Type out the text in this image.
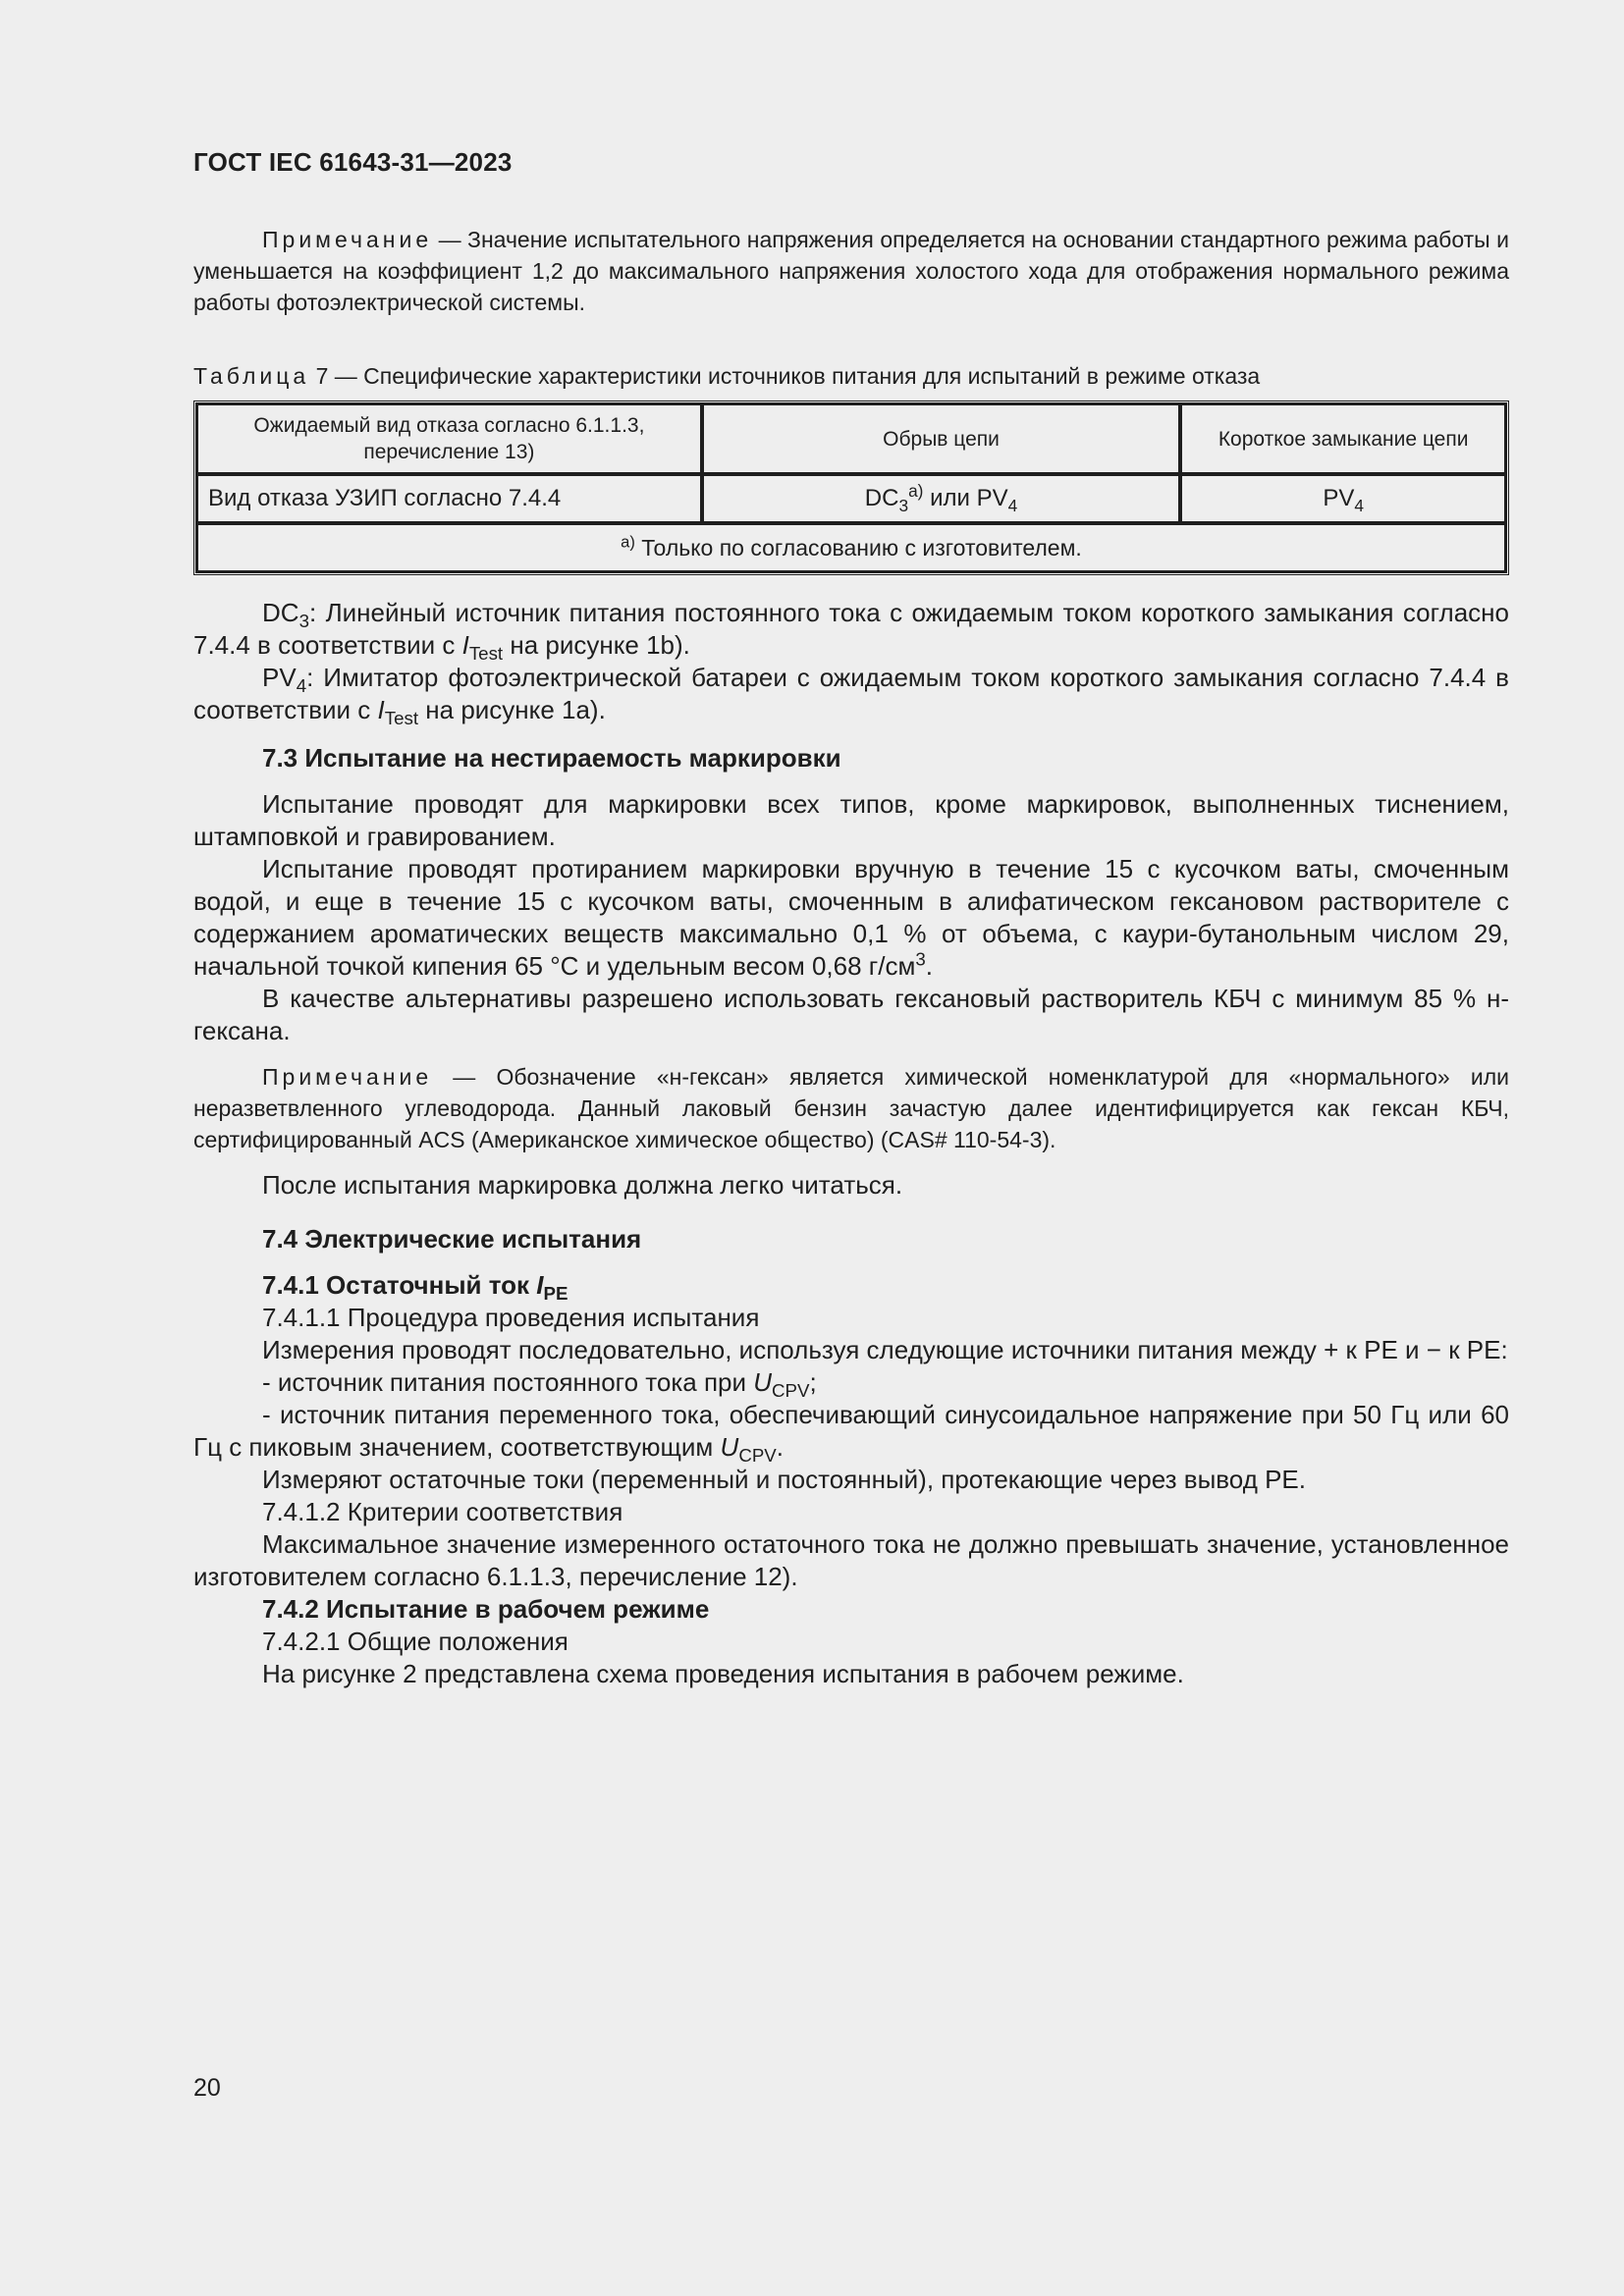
ГОСТ IEC 61643-31—2023

Примечание — Значение испытательного напряжения определяется на основании стандартного режима работы и уменьшается на коэффициент 1,2 до максимального напряжения холостого хода для отображения нормального режима работы фотоэлектрической системы.

Таблица 7 — Специфические характеристики источников питания для испытаний в режиме отказа

Ожидаемый вид отказа согласно 6.1.1.3, перечисление 13)	Обрыв цепи	Короткое замыкание цепи
Вид отказа УЗИП согласно 7.4.4	$DC_3^{a)}$ или $PV_4$	$PV_4$
$^{a)}$ Только по согласованию с изготовителем.		

$DC_3$: Линейный источник питания постоянного тока с ожидаемым током короткого замыкания согласно 7.4.4 в соответствии с $I_{Test}$ на рисунке 1b).

$PV_4$: Имитатор фотоэлектрической батареи с ожидаемым током короткого замыкания согласно 7.4.4 в соответствии с $I_{Test}$ на рисунке 1a).

7.3 Испытание на нестираемость маркировки

Испытание проводят для маркировки всех типов, кроме маркировок, выполненных тиснением, штамповкой и гравированием.

Испытание проводят протиранием маркировки вручную в течение 15 с кусочком ваты, смоченным водой, и еще в течение 15 с кусочком ваты, смоченным в алифатическом гексановом растворителе с содержанием ароматических веществ максимально 0,1 % от объема, с каури-бутанольным числом 29, начальной точкой кипения 65 °С и удельным весом 0,68 $г/см^3$.

В качестве альтернативы разрешено использовать гексановый растворитель КБЧ с минимум 85 % н-гексана.

Примечание — Обозначение «н-гексан» является химической номенклатурой для «нормального» или неразветвленного углеводорода. Данный лаковый бензин зачастую далее идентифицируется как гексан КБЧ, сертифицированный ACS (Американское химическое общество) (CAS# 110-54-3).

После испытания маркировка должна легко читаться.

7.4 Электрические испытания

7.4.1 Остаточный ток $I_{PE}$

7.4.1.1 Процедура проведения испытания

Измерения проводят последовательно, используя следующие источники питания между + к PE и − к PE:

- источник питания постоянного тока при $U_{CPV}$;

- источник питания переменного тока, обеспечивающий синусоидальное напряжение при 50 Гц или 60 Гц с пиковым значением, соответствующим $U_{CPV}$.

Измеряют остаточные токи (переменный и постоянный), протекающие через вывод PE.

7.4.1.2 Критерии соответствия

Максимальное значение измеренного остаточного тока не должно превышать значение, установленное изготовителем согласно 6.1.1.3, перечисление 12).

7.4.2 Испытание в рабочем режиме

7.4.2.1 Общие положения

На рисунке 2 представлена схема проведения испытания в рабочем режиме.

20
